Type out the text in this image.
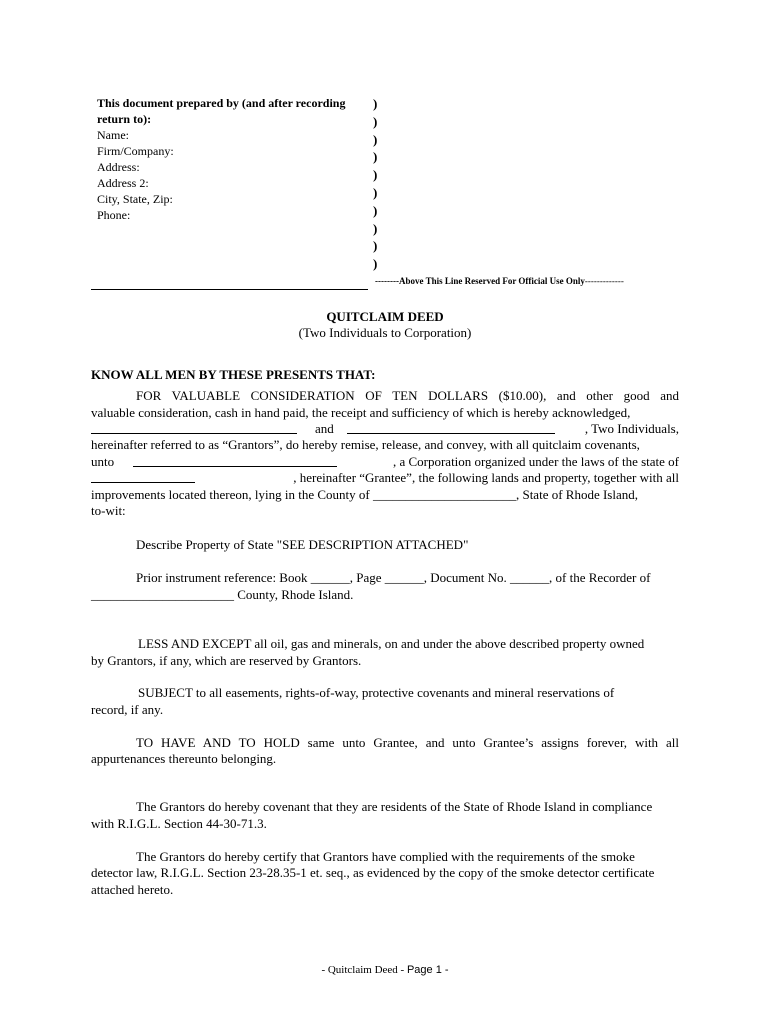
This document prepared by (and after recording
return to):
Name:
Firm/Company:
Address:
Address 2:
City, State, Zip:
Phone:
)
)
)
)
)
)
)
)
)
)
--------Above This Line Reserved For Official Use Only-------------
QUITCLAIM DEED
(Two Individuals to Corporation)
KNOW ALL MEN BY THESE PRESENTS THAT:
FOR VALUABLE CONSIDERATION OF TEN DOLLARS ($10.00), and other good and
valuable consideration, cash in hand paid, the receipt and sufficiency of which is hereby acknowledged,
and	, Two Individuals,
hereinafter referred to as “Grantors”, do hereby remise, release, and convey, with all quitclaim covenants,
unto	, a Corporation organized under the laws of the state of
, hereinafter “Grantee”, the following lands and property, together with all
improvements located thereon, lying in the County of ______________________, State of Rhode Island,
to-wit:
Describe Property of State "SEE DESCRIPTION ATTACHED"
Prior instrument reference: Book ______, Page ______, Document No. ______, of the Recorder of
______________________ County, Rhode Island.
LESS AND EXCEPT all oil, gas and minerals, on and under the above described property owned
by Grantors, if any, which are reserved by Grantors.
SUBJECT to all easements, rights-of-way, protective covenants and mineral reservations of
record, if any.
TO HAVE AND TO HOLD same unto Grantee, and unto Grantee’s assigns forever, with all
appurtenances thereunto belonging.
The Grantors do hereby covenant that they are residents of the State of Rhode Island in compliance
with R.I.G.L. Section 44-30-71.3.
The Grantors do hereby certify that Grantors have complied with the requirements of the smoke
detector law, R.I.G.L. Section 23-28.35-1 et. seq., as evidenced by the copy of the smoke detector certificate
attached hereto.
- Quitclaim Deed - Page 1 -
